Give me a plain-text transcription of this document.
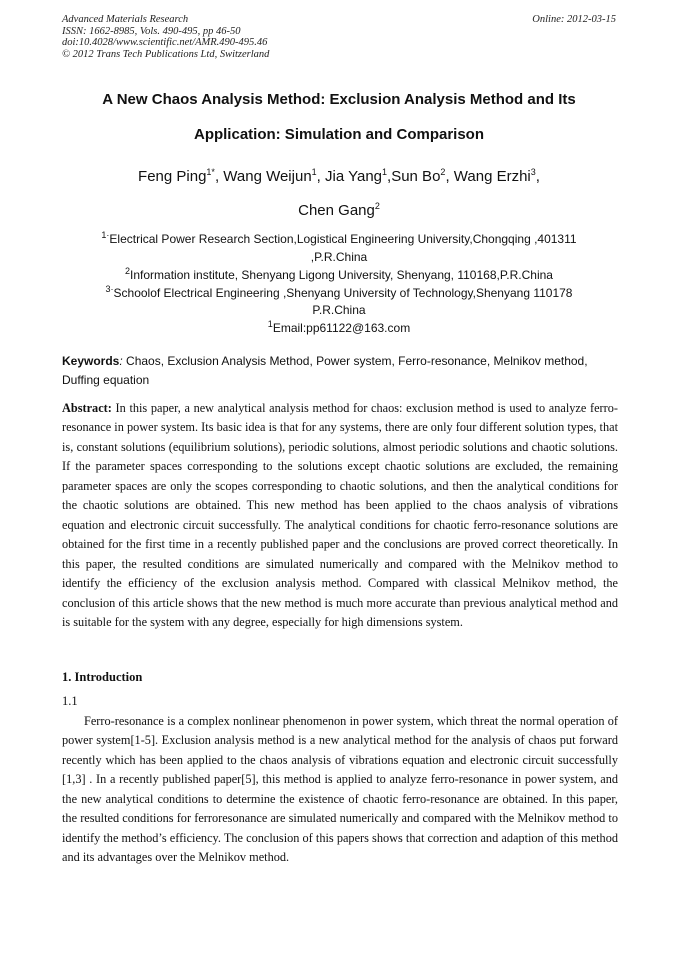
Advanced Materials Research
ISSN: 1662-8985, Vols. 490-495, pp 46-50
doi:10.4028/www.scientific.net/AMR.490-495.46
© 2012 Trans Tech Publications Ltd, Switzerland
Online: 2012-03-15
A New Chaos Analysis Method: Exclusion Analysis Method and Its
Application: Simulation and Comparison
Feng Ping$^{1*}$, Wang Weijun$^1$, Jia Yang$^1$,Sun Bo$^2$, Wang Erzhi$^3$,
Chen Gang$^2$
$^{1\cdot}$Electrical Power Research Section,Logistical Engineering University,Chongqing ,401311
,P.R.China
$^2$Information institute, Shenyang Ligong University, Shenyang, 110168,P.R.China
$^{3\cdot}$Schoolof Electrical Engineering ,Shenyang University of Technology,Shenyang 110178
P.R.China
$^1$Email:pp61122@163.com
Keywords: Chaos, Exclusion Analysis Method, Power system, Ferro-resonance, Melnikov method, Duffing equation

Abstract: In this paper, a new analytical analysis method for chaos: exclusion method is used to analyze ferro-resonance in power system. Its basic idea is that for any systems, there are only four different solution types, that is, constant solutions (equilibrium solutions), periodic solutions, almost periodic solutions and chaotic solutions. If the parameter spaces corresponding to the solutions except chaotic solutions are excluded, the remaining parameter spaces are only the scopes corresponding to chaotic solutions, and then the analytical conditions for the chaotic solutions are obtained. This new method has been applied to the chaos analysis of vibrations equation and electronic circuit successfully. The analytical conditions for chaotic ferro-resonance solutions are obtained for the first time in a recently published paper and the conclusions are proved correct theoretically. In this paper, the resulted conditions are simulated numerically and compared with the Melnikov method to identify the efficiency of the exclusion analysis method. Compared with classical Melnikov method, the conclusion of this article shows that the new method is much more accurate than previous analytical method and is suitable for the system with any degree, especially for high dimensions system.

1. Introduction
1.1

Ferro-resonance is a complex nonlinear phenomenon in power system, which threat the normal operation of power system[1-5]. Exclusion analysis method is a new analytical method for the analysis of chaos put forward recently which has been applied to the chaos analysis of vibrations equation and electronic circuit successfully [1,3] . In a recently published paper[5], this method is applied to analyze ferro-resonance in power system, and the new analytical conditions to determine the existence of chaotic ferro-resonance are obtained. In this paper, the resulted conditions for ferroresonance are simulated numerically and compared with the Melnikov method to identify the method’s efficiency. The conclusion of this papers shows that correction and adaption of this method and its advantages over the Melnikov method.
